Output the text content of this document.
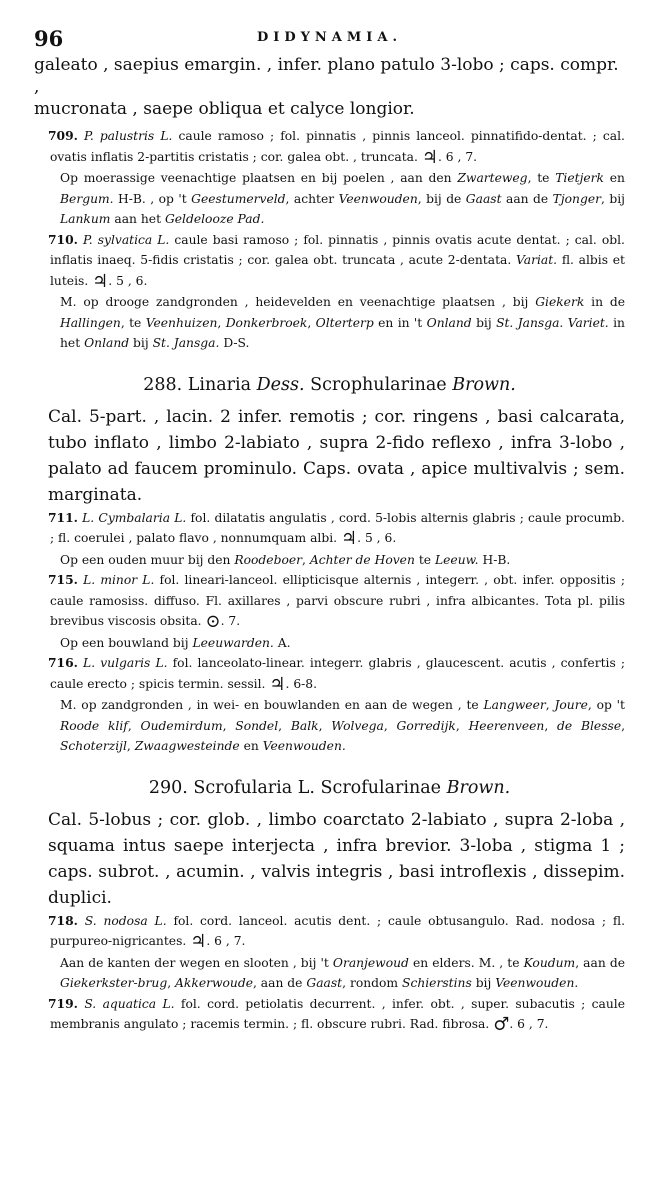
96	DIDYNAMIA.

galeato , saepius emargin. , infer. plano patulo 3-lobo ; caps. compr. ,

mucronata , saepe obliqua et calyce longior.

709. P. palustris L. caule ramoso ; fol. pinnatis , pinnis lanceol. pinnatifido-dentat. ; cal. ovatis inflatis 2-partitis cristatis ; cor. galea obt. , truncata. ♃. 6 , 7.

Op moerassige veenachtige plaatsen en bij poelen , aan den Zwarteweg, te Tietjerk en Bergum. H-B. , op 't Geestumerveld, achter Veenwouden, bij de Gaast aan de Tjonger, bij Lankum aan het Geldelooze Pad.

710. P. sylvatica L. caule basi ramoso ; fol. pinnatis , pinnis ovatis acute dentat. ; cal. obl. inflatis inaeq. 5-fidis cristatis ; cor. galea obt. truncata , acute 2-dentata. Variat. fl. albis et luteis. ♃. 5 , 6.

M. op droogе zandgronden , heidevelden en veenachtige plaatsen , bij Giekerk in de Hallingen, te Veenhuizen, Donkerbroek, Olterterp en in 't Onland bij St. Jansga. Variet. in het Onland bij St. Jansga. D-S.

288. Linaria Dess. Scrophularinae Brown.

Cal. 5-part. , lacin. 2 infer. remotis ; cor. ringens , basi calcarata, tubo inflato , limbo 2-labiato , supra 2-fido reflexo , infra 3-lobo , palato ad faucem prominulo. Caps. ovata , apice multivalvis ; sem. marginata.

711. L. Cymbalaria L. fol. dilatatis angulatis , cord. 5-lobis alternis glabris ; caule procumb. ; fl. coerulei , palato flavo , nonnumquam albi. ♃. 5 , 6.

Op een ouden muur bij den Roodeboer, Achter de Hoven te Leeuw. H-B.

715. L. minor L. fol. lineari-lanceol. ellipticisque alternis , integerr. , obt. infer. oppositis ; caule ramosiss. diffuso. Fl. axillares , parvi obscure rubri , infra albicantes. Tota pl. pilis brevibus viscosis obsita. ⊙. 7.

Op een bouwland bij Leeuwarden. A.

716. L. vulgaris L. fol. lanceolato-linear. integerr. glabris , glaucescent. acutis , confertis ; caule erecto ; spicis termin. sessil. ♃. 6-8.

M. op zandgronden , in wei- en bouwlanden en aan de wegen , te Langweer, Joure, op 't Roode klif, Oudemirdum, Sondel, Balk, Wolvega, Gorredijk, Heerenveen, de Blesse, Schoterzijl, Zwaagwesteinde en Veenwouden.

290. Scrofularia L. Scrofularinae Brown.

Cal. 5-lobus ; cor. glob. , limbo coarctato 2-labiato , supra 2-loba , squama intus saepe interjecta , infra brevior. 3-loba , stigma 1 ; caps. subrot. , acumin. , valvis integris , basi introflexis , dissepim. duplici.

718. S. nodosa L. fol. cord. lanceol. acutis dent. ; caule obtusangulo. Rad. nodosa ; fl. purpureo-nigricantes. ♃. 6 , 7.

Aan de kanten der wegen en slooten , bij 't Oranjewoud en elders. M. , te Koudum, aan de Giekerkster-brug, Akkerwoude, aan de Gaast, rondom Schierstins bij Veenwouden.

719. S. aquatica L. fol. cord. petiolatis decurrent. , infer. obt. , super. subacutis ; caule membranis angulato ; racemis termin. ; fl. obscure rubri. Rad. fibrosa. ♂. 6 , 7.
